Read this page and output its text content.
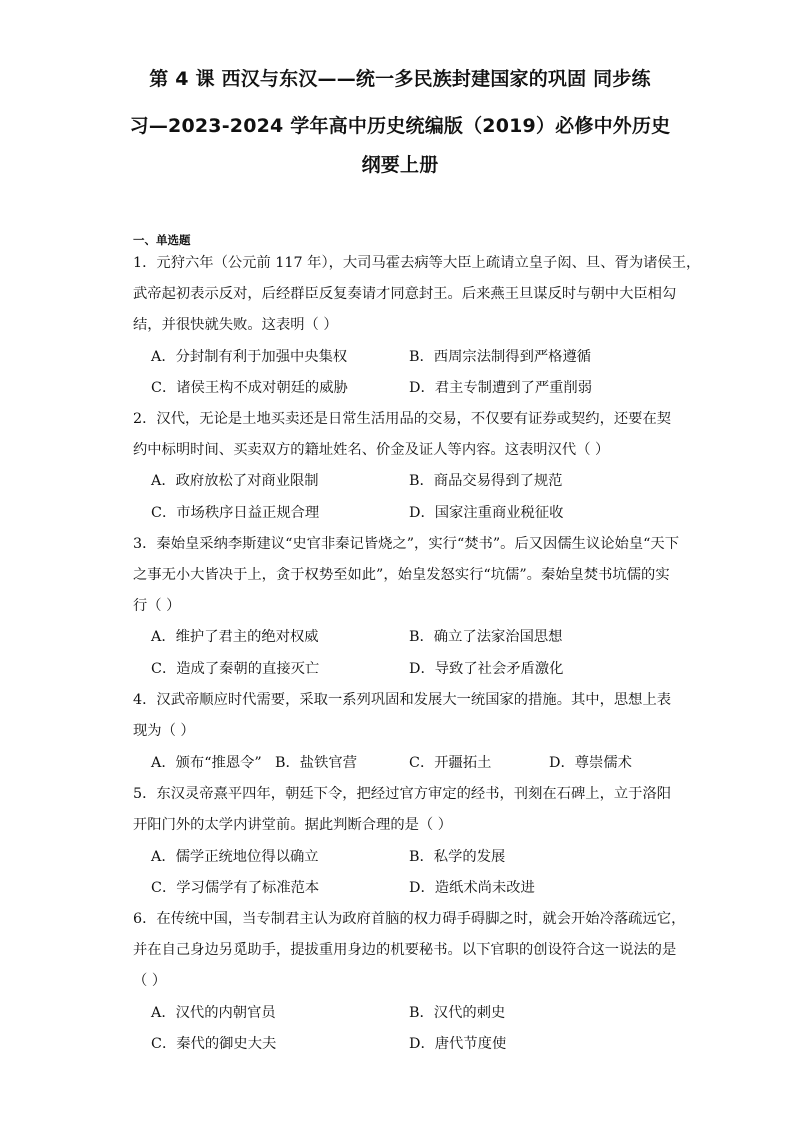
第 4 课 西汉与东汉——统一多民族封建国家的巩固 同步练
习—2023-2024 学年高中历史统编版（2019）必修中外历史
纲要上册
一、单选题
1．元狩六年（公元前 117 年），大司马霍去病等大臣上疏请立皇子闳、旦、胥为诸侯王，
武帝起初表示反对，后经群臣反复奏请才同意封王。后来燕王旦谋反时与朝中大臣相勾
结，并很快就失败。这表明（ ）
A．分封制有利于加强中央集权	B．西周宗法制得到严格遵循
C．诸侯王构不成对朝廷的威胁	D．君主专制遭到了严重削弱
2．汉代，无论是土地买卖还是日常生活用品的交易，不仅要有证券或契约，还要在契
约中标明时间、买卖双方的籍址姓名、价金及证人等内容。这表明汉代（ ）
A．政府放松了对商业限制	B．商品交易得到了规范
C．市场秩序日益正规合理	D．国家注重商业税征收
3．秦始皇采纳李斯建议“史官非秦记皆烧之”，实行“焚书”。后又因儒生议论始皇“天下
之事无小大皆决于上，贪于权势至如此”，始皇发怒实行“坑儒”。秦始皇焚书坑儒的实
行（ ）
A．维护了君主的绝对权威	B．确立了法家治国思想
C．造成了秦朝的直接灭亡	D．导致了社会矛盾激化
4．汉武帝顺应时代需要，采取一系列巩固和发展大一统国家的措施。其中，思想上表
现为（ ）
A．颁布“推恩令” B．盐铁官营	C．开疆拓土	D．尊崇儒术
5．东汉灵帝熹平四年，朝廷下令，把经过官方审定的经书，刊刻在石碑上，立于洛阳
开阳门外的太学内讲堂前。据此判断合理的是（ ）
A．儒学正统地位得以确立	B．私学的发展
C．学习儒学有了标准范本	D．造纸术尚未改进
6．在传统中国，当专制君主认为政府首脑的权力碍手碍脚之时，就会开始冷落疏远它，
并在自己身边另觅助手，提拔重用身边的机要秘书。以下官职的创设符合这一说法的是
（ ）
A．汉代的内朝官员	B．汉代的刺史
C．秦代的御史大夫	D．唐代节度使
